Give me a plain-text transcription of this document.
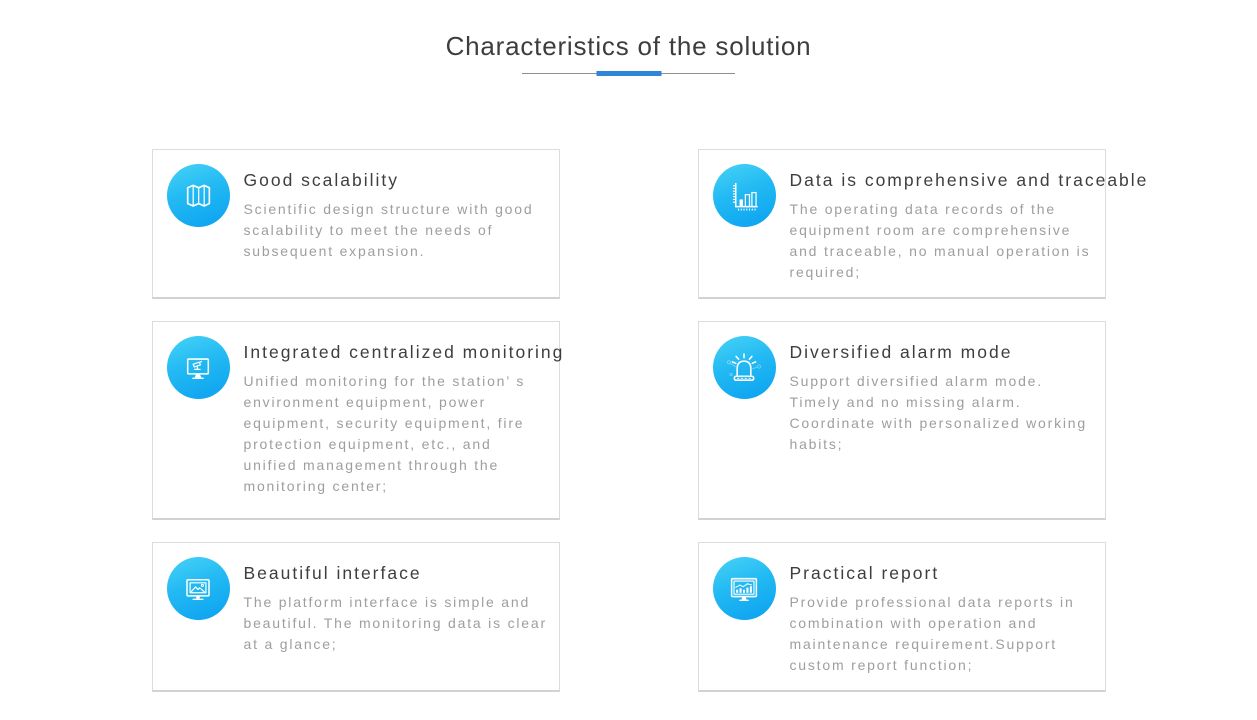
Characteristics of the solution
Good scalability
Scientific design structure with good scalability to meet the needs of subsequent expansion.
Data is comprehensive and traceable
The operating data records of the equipment room are comprehensive and traceable, no manual operation is required;
Integrated centralized monitoring
Unified monitoring for the station’ s environment equipment, power equipment, security equipment, fire protection equipment, etc., and unified management through the monitoring center;
Diversified alarm mode
Support diversified alarm mode. Timely and no missing alarm. Coordinate with personalized working habits;
Beautiful interface
The platform interface is simple and beautiful. The monitoring data is clear at a glance;
Practical report
Provide professional data reports in combination with operation and maintenance requirement.Support custom report function;
